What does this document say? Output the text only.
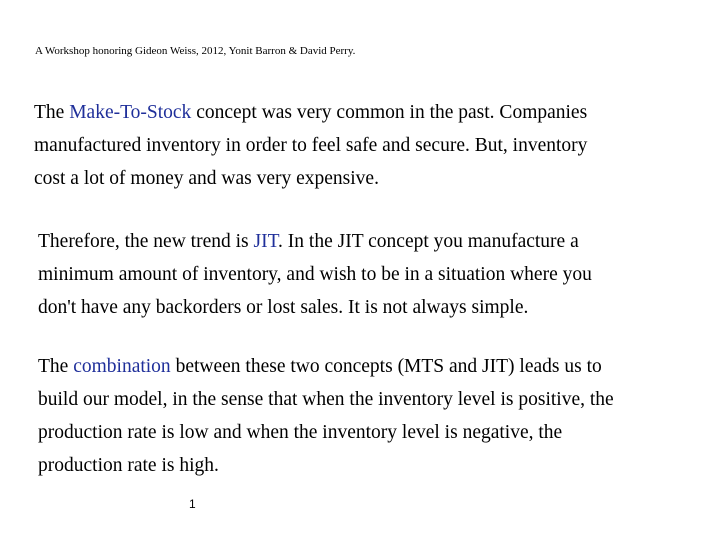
A Workshop honoring Gideon Weiss, 2012, Yonit Barron & David Perry.
The Make-To-Stock concept was very common in the past. Companies
manufactured inventory in order to feel safe and secure. But, inventory
cost a lot of money and was very expensive.
Therefore, the new trend is JIT. In the JIT concept you manufacture a
minimum amount of inventory, and wish to be in a situation where you
don't have any backorders or lost sales. It is not always simple.
The combination between these two concepts (MTS and JIT) leads us to
build our model, in the sense that when the inventory level is positive, the
production rate is low and when the inventory level is negative, the
production rate is high.
1
